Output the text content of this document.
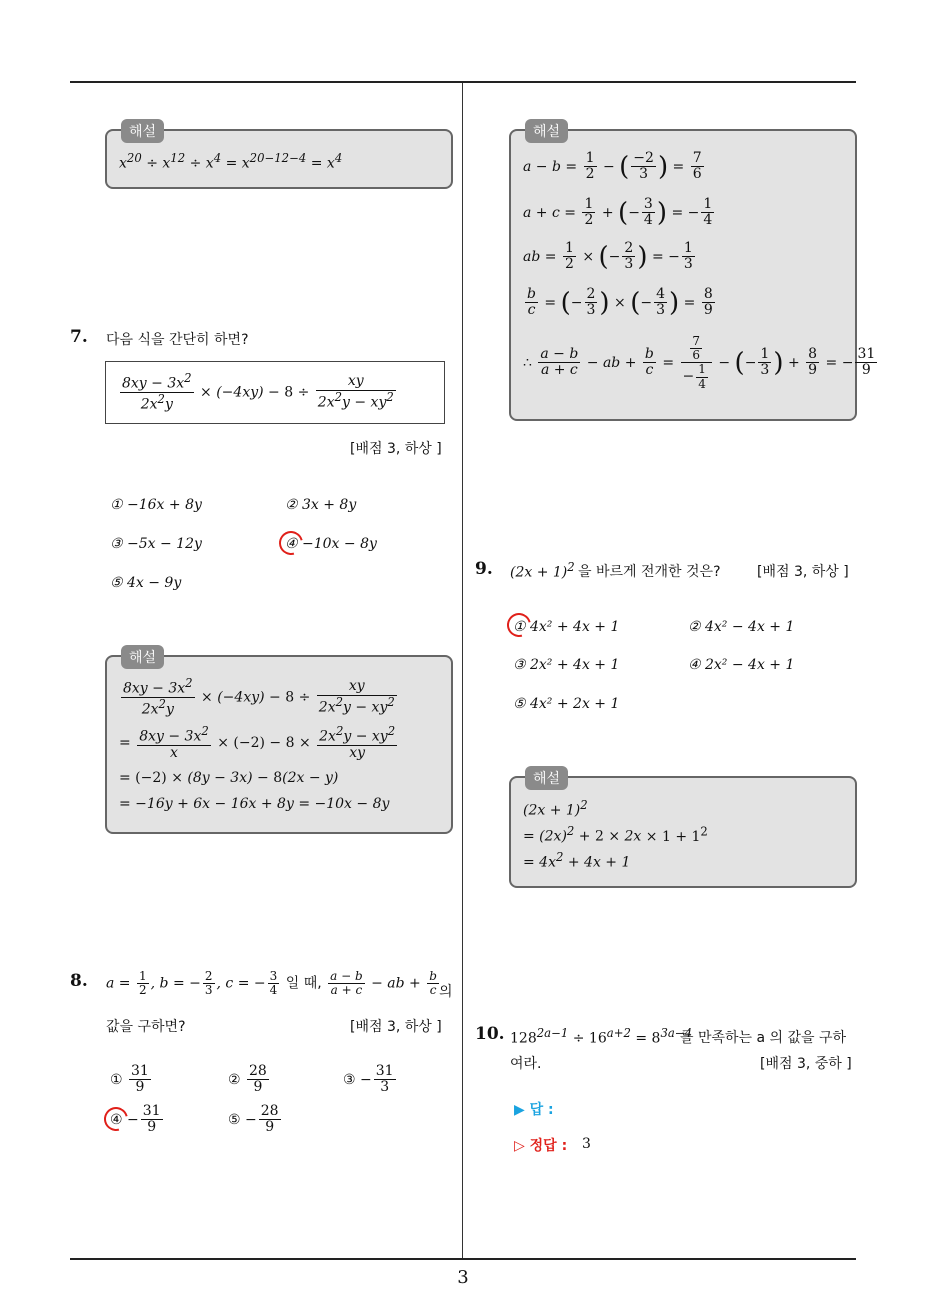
3
해설
$x^{20} \div x^{12} \div x^4 = x^{20-12-4} = x^4$
7. 다음 식을 간단히 하면?
$\frac{8xy - 3x^2}{2x^2y} \times (-4xy) - 8 \div \frac{xy}{2x^2y - xy^2}$
[배점 3, 하상 ]
① −16x + 8y	② 3x + 8y
③ −5x − 12y	④ −10x − 8y
⑤ 4x − 9y
해설
$\frac{8xy - 3x^2}{2x^2y} \times (-4xy) - 8 \div \frac{xy}{2x^2y - xy^2}$
= $\frac{8xy - 3x^2}{x} \times (-2) - 8 \times \frac{2x^2y - xy^2}{xy}$
= (−2) × (8y − 3x) − 8(2x − y)
= −16y + 6x − 16x + 8y = −10x − 8y
8. $a = \frac{1}{2}$ , b = − $\frac{2}{3}$ , c = − $\frac{3}{4}$ 일 때, $\frac{a - b}{a + c}$ − ab + $\frac{b}{c}$ 의
값을 구하면?	[배점 3, 하상 ]
① $\frac{31}{9}$	② $\frac{28}{9}$	③ − $\frac{31}{3}$
④ − $\frac{31}{9}$	⑤ − $\frac{28}{9}$
해설
$a - b = \frac{1}{2}$ − ( $\frac{-2}{3}$ ) = $\frac{7}{6}$
$a + c = \frac{1}{2}$ + (− $\frac{3}{4}$ ) = − $\frac{1}{4}$
ab = $\frac{1}{2}$ × (− $\frac{2}{3}$ ) = − $\frac{1}{3}$
$\frac{b}{c}$ = (− $\frac{2}{3}$ ) × (− $\frac{4}{3}$ ) = $\frac{8}{9}$
∴ $\frac{a - b}{a + c}$ − ab + $\frac{b}{c} = \frac{\frac{7}{6}}{- \frac{1}{4}}$ − (− $\frac{1}{3}$ ) + $\frac{8}{9}$ = − $\frac{31}{9}$
9. $(2x + 1)^2$ 을 바르게 전개한 것은?	[배점 3, 하상 ]
① 4x² + 4x + 1	② 4x² − 4x + 1
③ 2x² + 4x + 1	④ 2x² − 4x + 1
⑤ 4x² + 2x + 1
해설
$(2x + 1)^2$
= $(2x)^2 + 2 \times 2x \times 1 + 1^2$
= $4x^2 + 4x + 1$
10. $128^{2a-1} \div 16^{a+2} = 8^{3a-4}$
를 만족하는 a 의 값을 구하
여라.	[배점 3, 중하 ]
▶ 답 :
▷ 정답 : 3
